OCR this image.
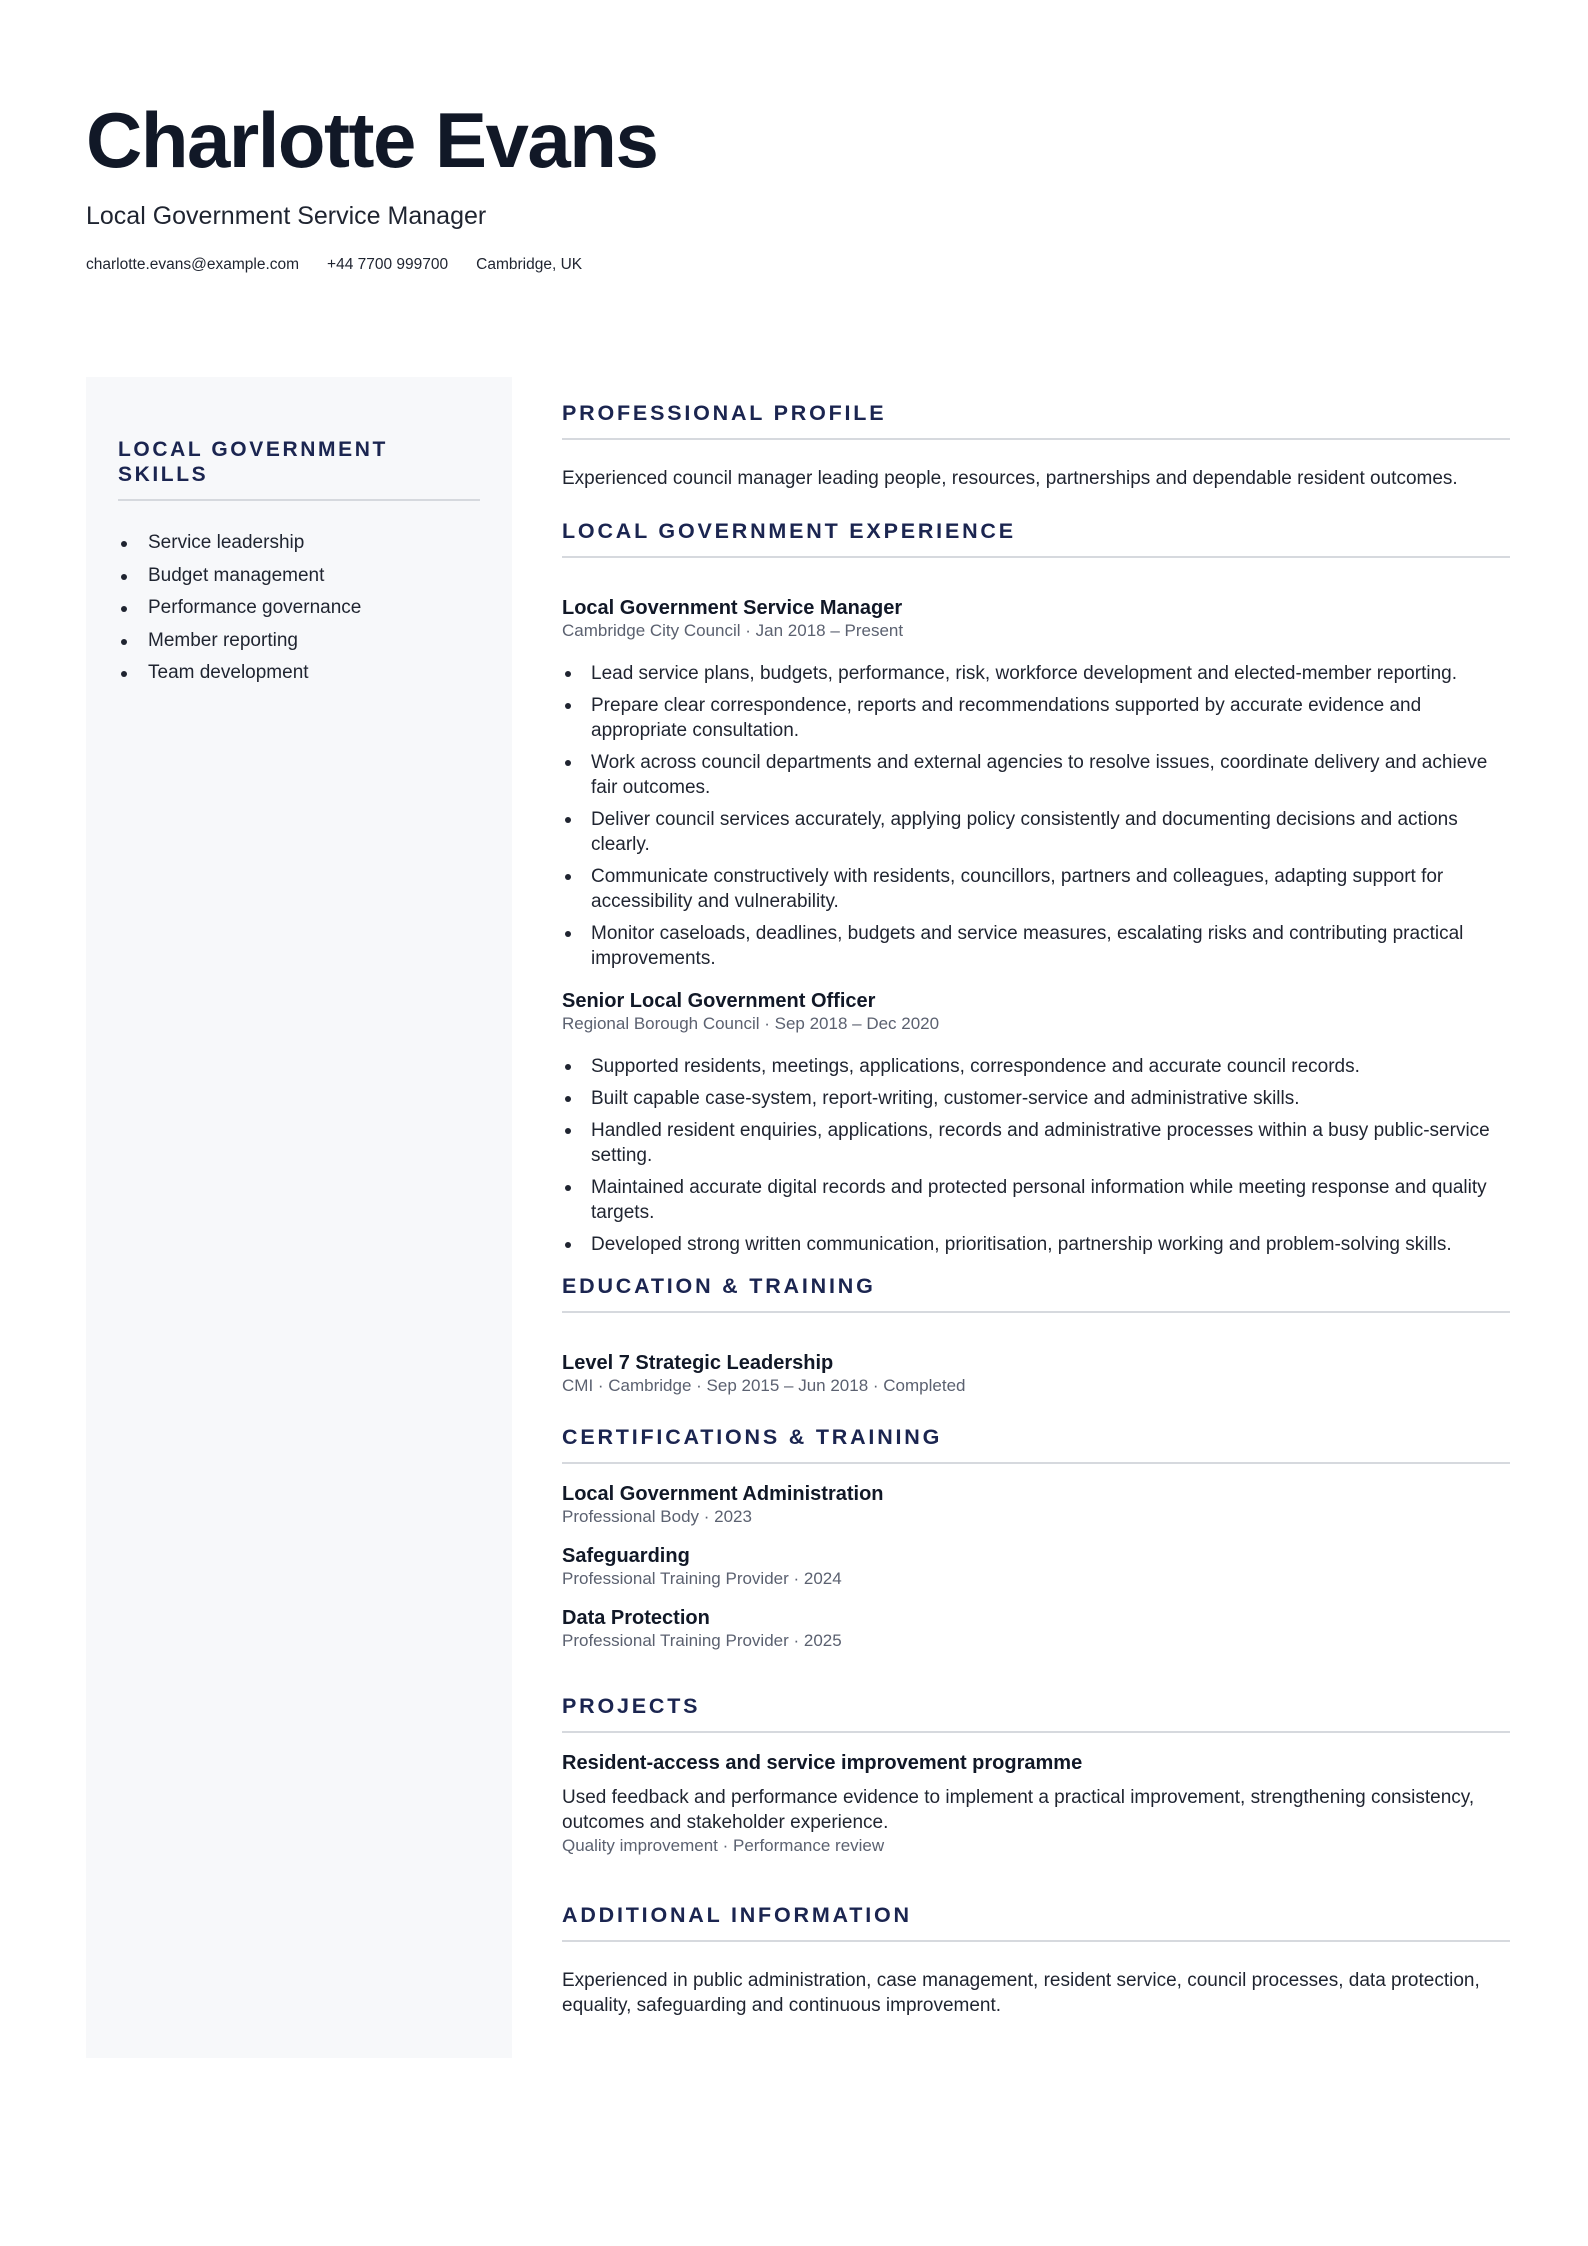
Charlotte Evans
Local Government Service Manager
charlotte.evans@example.com +44 7700 999700 Cambridge, UK
LOCAL GOVERNMENT SKILLS
Service leadership
Budget management
Performance governance
Member reporting
Team development
PROFESSIONAL PROFILE
Experienced council manager leading people, resources, partnerships and dependable resident outcomes.
LOCAL GOVERNMENT EXPERIENCE
Local Government Service Manager
Cambridge City Council · Jan 2018 – Present
Lead service plans, budgets, performance, risk, workforce development and elected-member reporting.
Prepare clear correspondence, reports and recommendations supported by accurate evidence and appropriate consultation.
Work across council departments and external agencies to resolve issues, coordinate delivery and achieve fair outcomes.
Deliver council services accurately, applying policy consistently and documenting decisions and actions clearly.
Communicate constructively with residents, councillors, partners and colleagues, adapting support for accessibility and vulnerability.
Monitor caseloads, deadlines, budgets and service measures, escalating risks and contributing practical improvements.
Senior Local Government Officer
Regional Borough Council · Sep 2018 – Dec 2020
Supported residents, meetings, applications, correspondence and accurate council records.
Built capable case-system, report-writing, customer-service and administrative skills.
Handled resident enquiries, applications, records and administrative processes within a busy public-service setting.
Maintained accurate digital records and protected personal information while meeting response and quality targets.
Developed strong written communication, prioritisation, partnership working and problem-solving skills.
EDUCATION & TRAINING
Level 7 Strategic Leadership
CMI · Cambridge · Sep 2015 – Jun 2018 · Completed
CERTIFICATIONS & TRAINING
Local Government Administration
Professional Body · 2023
Safeguarding
Professional Training Provider · 2024
Data Protection
Professional Training Provider · 2025
PROJECTS
Resident-access and service improvement programme
Used feedback and performance evidence to implement a practical improvement, strengthening consistency, outcomes and stakeholder experience.
Quality improvement · Performance review
ADDITIONAL INFORMATION
Experienced in public administration, case management, resident service, council processes, data protection, equality, safeguarding and continuous improvement.
